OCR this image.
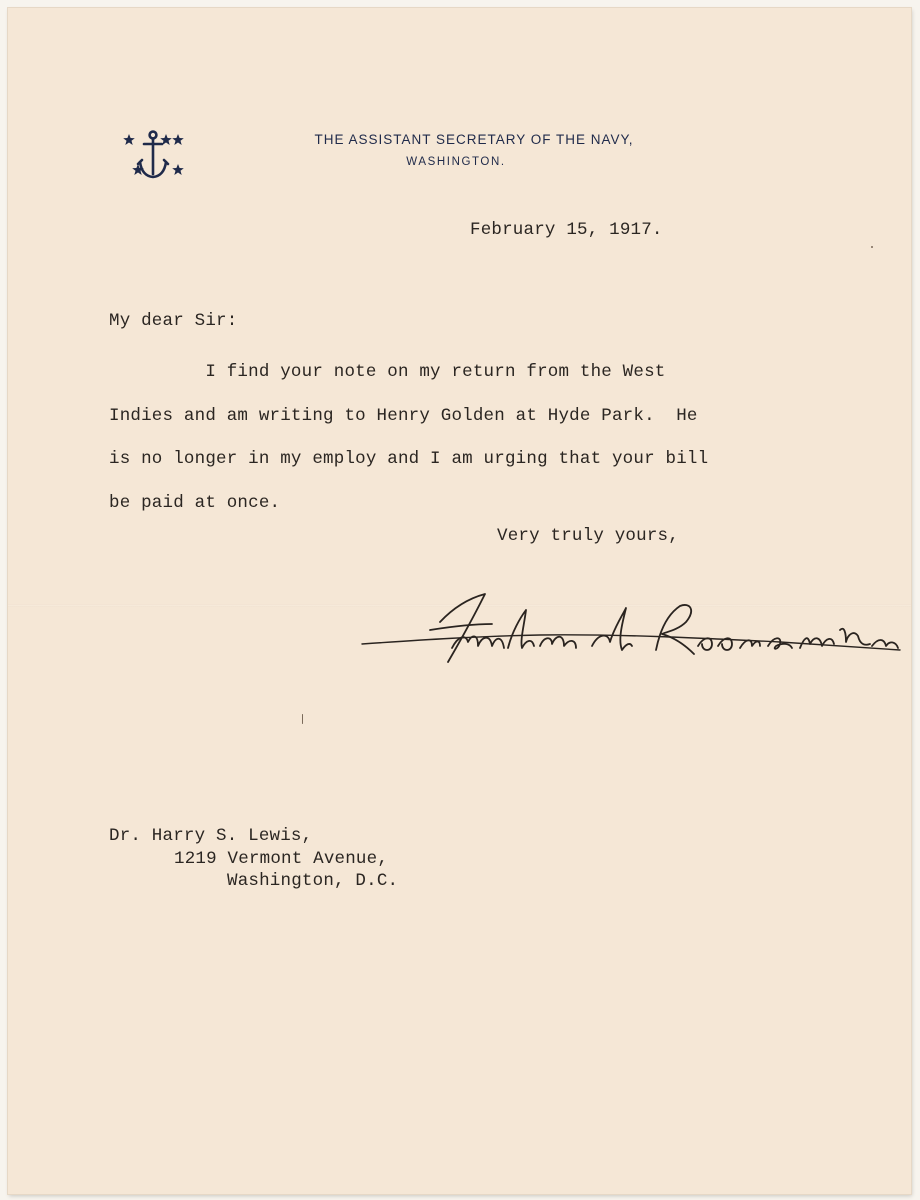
THE ASSISTANT SECRETARY OF THE NAVY,
WASHINGTON.
February 15, 1917.
My dear Sir:
I find your note on my return from the West
Indies and am writing to Henry Golden at Hyde Park.  He
is no longer in my employ and I am urging that your bill
be paid at once.
Very truly yours,
Dr. Harry S. Lewis,
1219 Vermont Avenue,
Washington, D.C.
